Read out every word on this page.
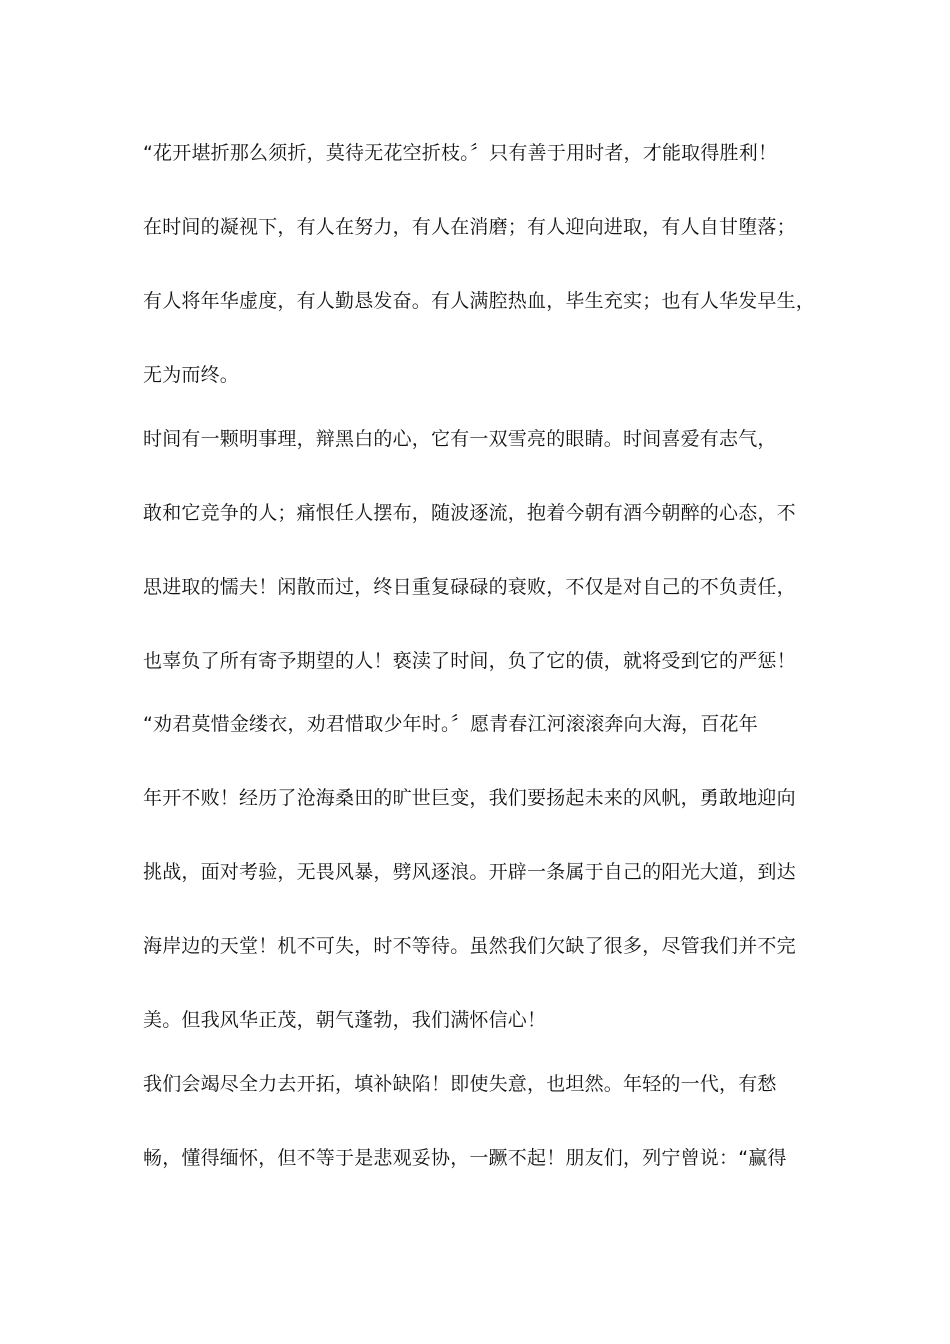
“花开堪折那么须折，莫待无花空折枝。〞只有善于用时者，才能取得胜利！
在时间的凝视下，有人在努力，有人在消磨；有人迎向进取，有人自甘堕落；
有人将年华虚度，有人勤恳发奋。有人满腔热血，毕生充实；也有人华发早生，
无为而终。
时间有一颗明事理，辩黑白的心，它有一双雪亮的眼睛。时间喜爱有志气，
敢和它竞争的人；痛恨任人摆布，随波逐流，抱着今朝有酒今朝醉的心态，不
思进取的懦夫！闲散而过，终日重复碌碌的衰败，不仅是对自己的不负责任，
也辜负了所有寄予期望的人！亵渎了时间，负了它的债，就将受到它的严惩！
“劝君莫惜金缕衣，劝君惜取少年时。〞愿青春江河滚滚奔向大海，百花年
年开不败！经历了沧海桑田的旷世巨变，我们要扬起未来的风帆，勇敢地迎向
挑战，面对考验，无畏风暴，劈风逐浪。开辟一条属于自己的阳光大道，到达
海岸边的天堂！机不可失，时不等待。虽然我们欠缺了很多，尽管我们并不完
美。但我风华正茂，朝气蓬勃，我们满怀信心！
我们会竭尽全力去开拓，填补缺陷！即使失意，也坦然。年轻的一代，有愁
畅，懂得缅怀，但不等于是悲观妥协，一蹶不起！朋友们，列宁曾说：“赢得
